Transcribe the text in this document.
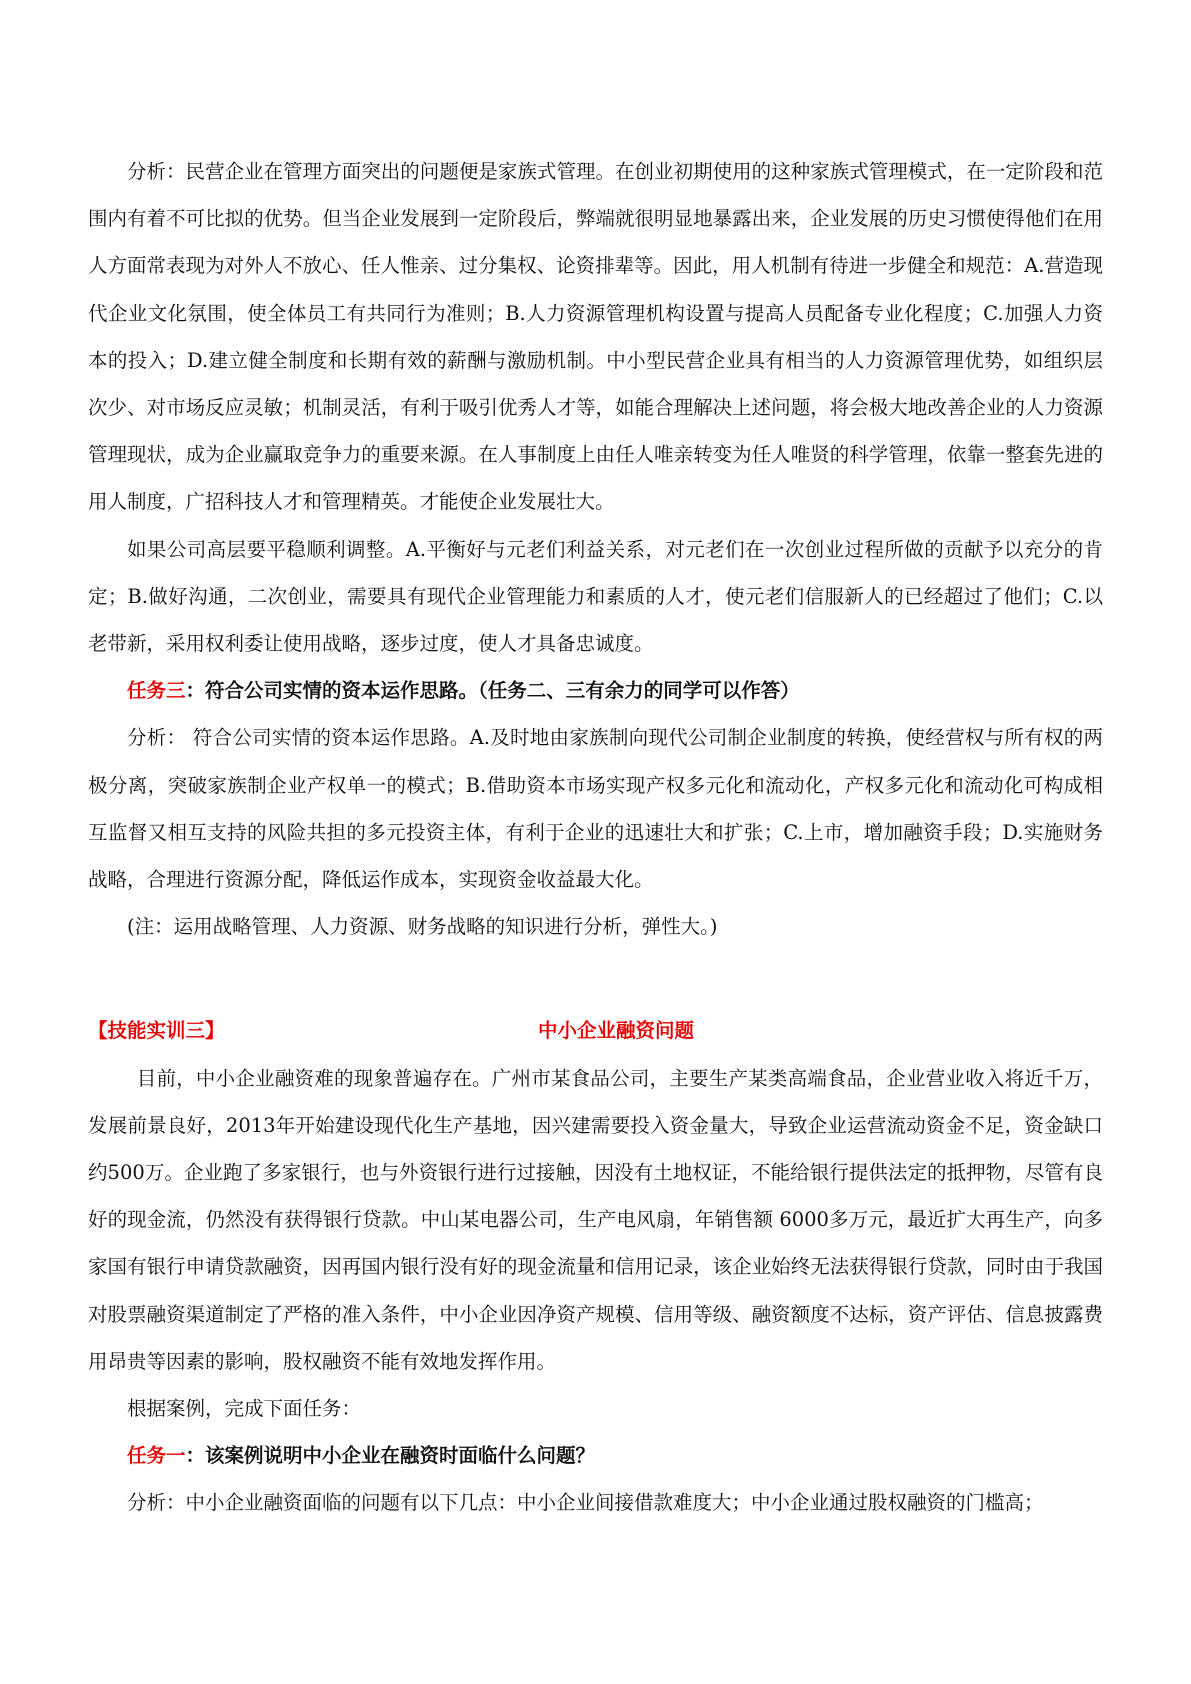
分析：民营企业在管理方面突出的问题便是家族式管理。在创业初期使用的这种家族式管理模式，在一定阶段和范围内有着不可比拟的优势。但当企业发展到一定阶段后，弊端就很明显地暴露出来，企业发展的历史习惯使得他们在用人方面常表现为对外人不放心、任人惟亲、过分集权、论资排辈等。因此，用人机制有待进一步健全和规范：A.营造现代企业文化氛围，使全体员工有共同行为准则；B.人力资源管理机构设置与提高人员配备专业化程度；C.加强人力资本的投入；D.建立健全制度和长期有效的薪酬与激励机制。中小型民营企业具有相当的人力资源管理优势，如组织层次少、对市场反应灵敏；机制灵活，有利于吸引优秀人才等，如能合理解决上述问题，将会极大地改善企业的人力资源管理现状，成为企业赢取竞争力的重要来源。在人事制度上由任人唯亲转变为任人唯贤的科学管理，依靠一整套先进的用人制度，广招科技人才和管理精英。才能使企业发展壮大。

如果公司高层要平稳顺利调整。A.平衡好与元老们利益关系，对元老们在一次创业过程所做的贡献予以充分的肯定；B.做好沟通，二次创业，需要具有现代企业管理能力和素质的人才，使元老们信服新人的已经超过了他们；C.以老带新，采用权利委让使用战略，逐步过度，使人才具备忠诚度。

任务三：符合公司实情的资本运作思路。（任务二、三有余力的同学可以作答）

分析： 符合公司实情的资本运作思路。A.及时地由家族制向现代公司制企业制度的转换，使经营权与所有权的两极分离，突破家族制企业产权单一的模式；B.借助资本市场实现产权多元化和流动化，产权多元化和流动化可构成相互监督又相互支持的风险共担的多元投资主体，有利于企业的迅速壮大和扩张；C.上市，增加融资手段；D.实施财务战略，合理进行资源分配，降低运作成本，实现资金收益最大化。

(注：运用战略管理、人力资源、财务战略的知识进行分析，弹性大。)

【技能实训三】	中小企业融资问题

目前，中小企业融资难的现象普遍存在。广州市某食品公司，主要生产某类高端食品，企业营业收入将近千万，发展前景良好，2013年开始建设现代化生产基地，因兴建需要投入资金量大，导致企业运营流动资金不足，资金缺口约500万。企业跑了多家银行，也与外资银行进行过接触，因没有土地权证，不能给银行提供法定的抵押物，尽管有良好的现金流，仍然没有获得银行贷款。中山某电器公司，生产电风扇，年销售额 6000多万元，最近扩大再生产，向多家国有银行申请贷款融资，因再国内银行没有好的现金流量和信用记录，该企业始终无法获得银行贷款，同时由于我国对股票融资渠道制定了严格的准入条件，中小企业因净资产规模、信用等级、融资额度不达标，资产评估、信息披露费用昂贵等因素的影响，股权融资不能有效地发挥作用。

根据案例，完成下面任务：

任务一：该案例说明中小企业在融资时面临什么问题？

分析：中小企业融资面临的问题有以下几点：中小企业间接借款难度大；中小企业通过股权融资的门槛高；
